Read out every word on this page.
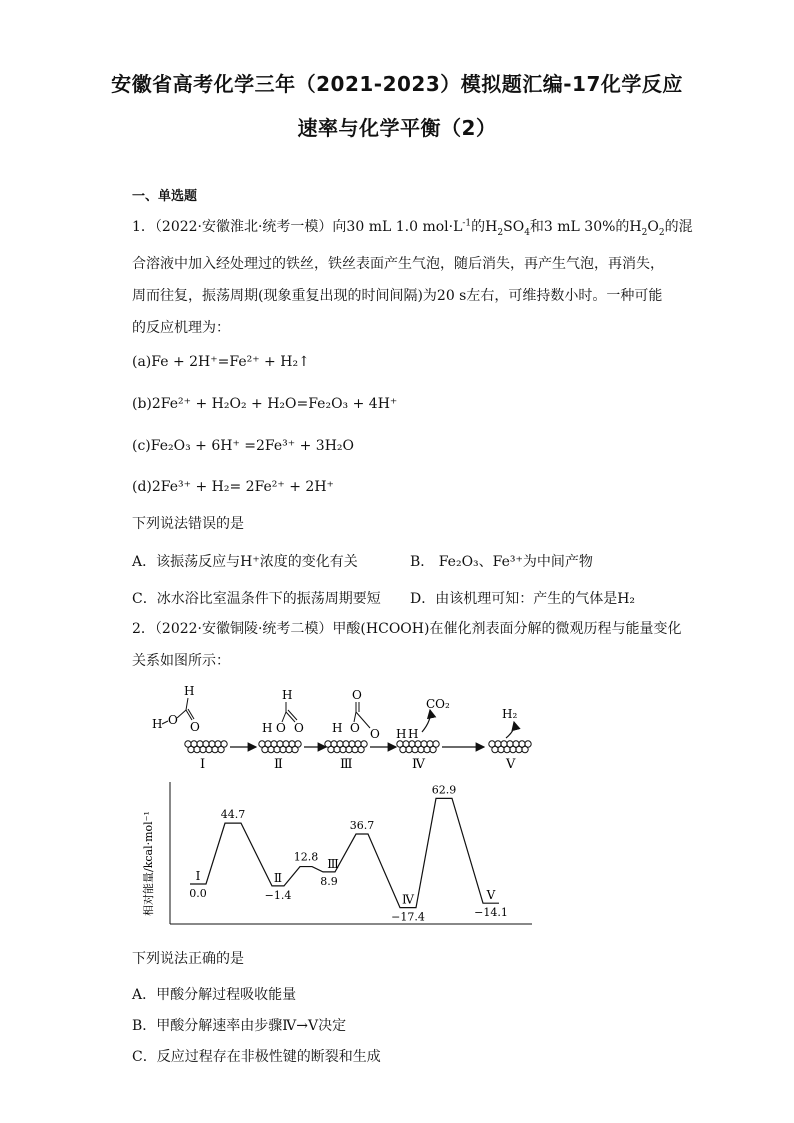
安徽省高考化学三年（2021-2023）模拟题汇编-17化学反应
速率与化学平衡（2）
一、单选题
1．（2022·安徽淮北·统考一模）向30 mL 1.0 $mol\cdot L^{-1}$的$H_2SO_4$和3 mL 30%的$H_2O_2$的混
合溶液中加入经处理过的铁丝，铁丝表面产生气泡，随后消失，再产生气泡，再消失，
周而往复，振荡周期(现象重复出现的时间间隔)为20 s左右，可维持数小时。一种可能
的反应机理为：
(a)Fe + 2H⁺=Fe²⁺ + H₂↑
(b)2Fe²⁺ + H₂O₂ + H₂O=Fe₂O₃ + 4H⁺
(c)Fe₂O₃ + 6H⁺ =2Fe³⁺ + 3H₂O
(d)2Fe³⁺ + H₂= 2Fe²⁺ + 2H⁺
下列说法错误的是
A．该振荡反应与H⁺浓度的变化有关	B． Fe₂O₃、Fe³⁺为中间产物
C．冰水浴比室温条件下的振荡周期要短 D．由该机理可知：产生的气体是H₂
2．（2022·安徽铜陵·统考二模）甲酸(HCOOH)在催化剂表面分解的微观历程与能量变化
关系如图所示：
H O
H
O
Ⅰ
H O
H
O
Ⅱ
H O
O
O
Ⅲ
H H
CO₂
Ⅳ
H₂
Ⅴ
相对能量/kcal·mol⁻¹	0.0
44.7
−1.4
12.8
8.9
36.7
−17.4
62.9
−14.1
Ⅰ	Ⅱ
Ⅲ
Ⅳ	Ⅴ
下列说法正确的是
A．甲酸分解过程吸收能量
B．甲酸分解速率由步骤Ⅳ→Ⅴ决定
C．反应过程存在非极性键的断裂和生成
